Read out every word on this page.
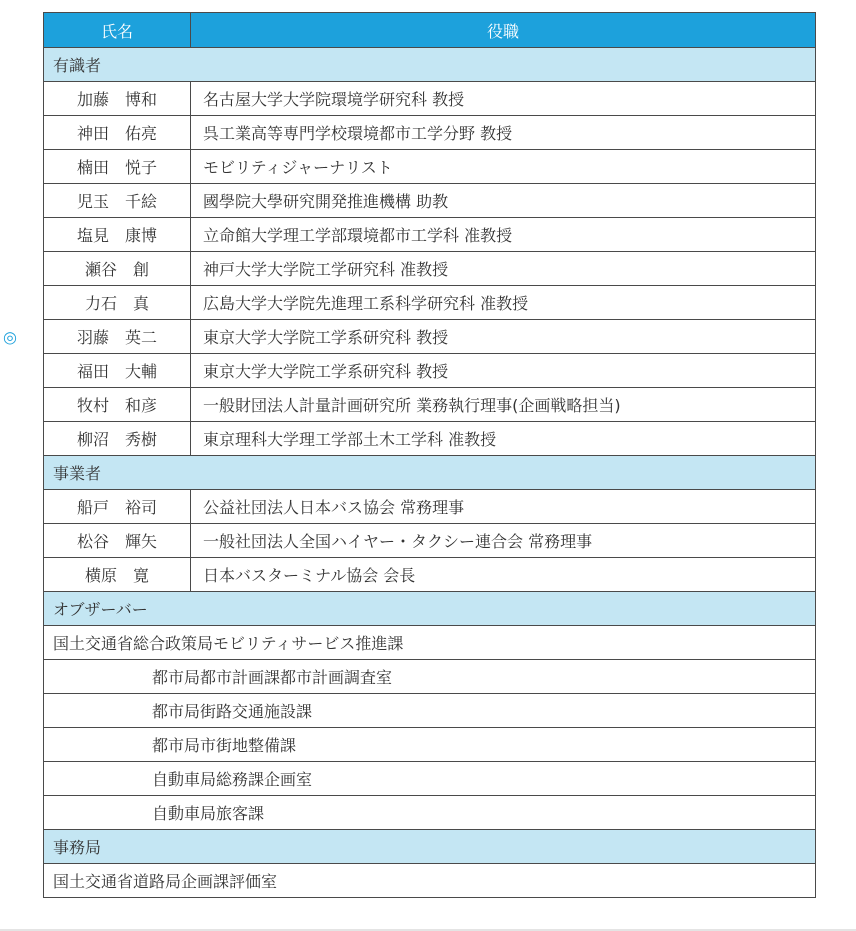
氏名	役職
有識者	
加藤　博和	名古屋大学大学院環境学研究科 教授
神田　佑亮	呉工業高等専門学校環境都市工学分野 教授
楠田　悦子	モビリティジャーナリスト
児玉　千絵	國學院大學研究開発推進機構 助教
塩見　康博	立命館大学理工学部環境都市工学科 准教授
瀬谷　創	神戸大学大学院工学研究科 准教授
力石　真	広島大学大学院先進理工系科学研究科 准教授

◎ 羽藤　英二	東京大学大学院工学系研究科 教授
福田　大輔	東京大学大学院工学系研究科 教授
牧村　和彦	一般財団法人計量計画研究所 業務執行理事(企画戦略担当)
柳沼　秀樹	東京理科大学理工学部土木工学科 准教授
事業者	
船戸　裕司	公益社団法人日本バス協会 常務理事
松谷　輝矢	一般社団法人全国ハイヤー・タクシー連合会 常務理事
横原　寛	日本バスターミナル協会 会長
オブザーバー	
国土交通省総合政策局モビリティサービス推進課	
都市局都市計画課都市計画調査室	
都市局街路交通施設課	
都市局市街地整備課	
自動車局総務課企画室	
自動車局旅客課	
事務局	
国土交通省道路局企画課評価室	
